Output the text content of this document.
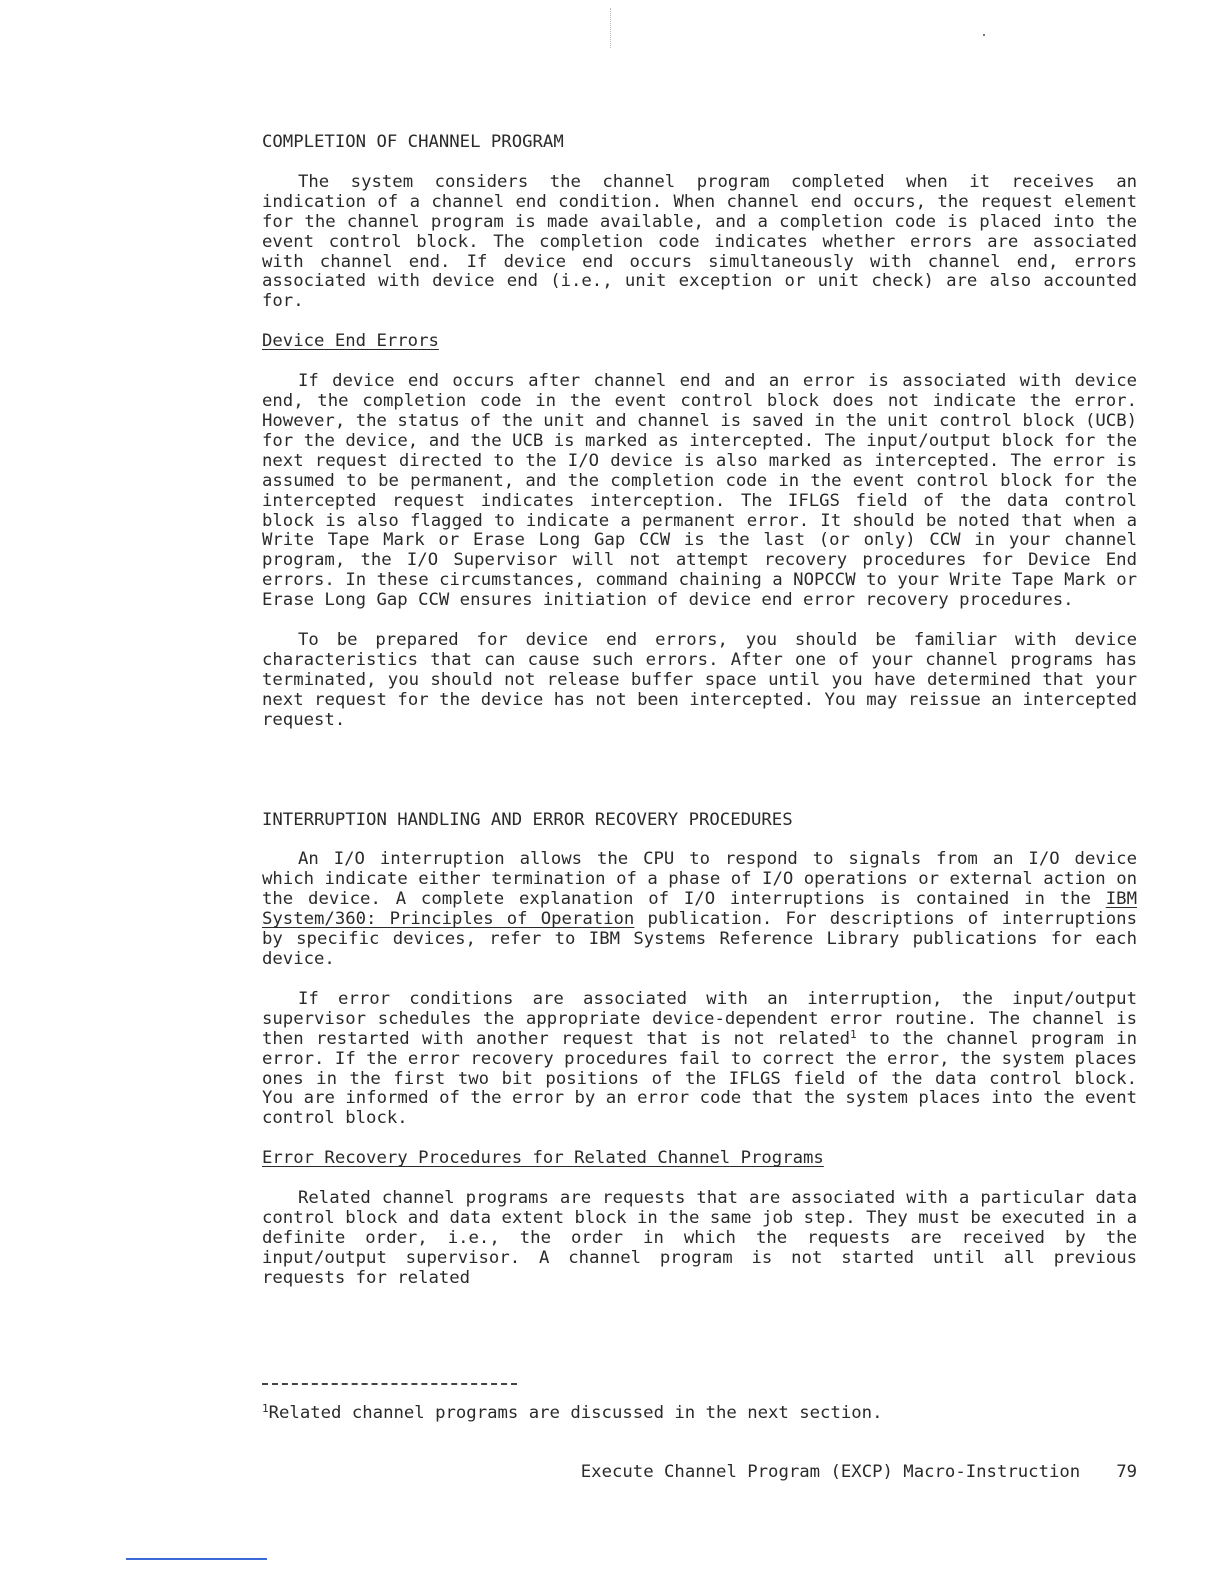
COMPLETION OF CHANNEL PROGRAM
The system considers the channel program completed when it receives an indication of a channel end condition. When channel end occurs, the request element for the channel program is made available, and a completion code is placed into the event control block. The completion code indicates whether errors are associated with channel end. If device end occurs simultaneously with channel end, errors associated with device end (i.e., unit exception or unit check) are also accounted for.
Device End Errors
If device end occurs after channel end and an error is associated with device end, the completion code in the event control block does not indicate the error. However, the status of the unit and channel is saved in the unit control block (UCB) for the device, and the UCB is marked as intercepted. The input/output block for the next request directed to the I/O device is also marked as intercepted. The error is assumed to be permanent, and the completion code in the event control block for the intercepted request indicates interception. The IFLGS field of the data control block is also flagged to indicate a permanent error. It should be noted that when a Write Tape Mark or Erase Long Gap CCW is the last (or only) CCW in your channel program, the I/O Supervisor will not attempt recovery procedures for Device End errors. In these circumstances, command chaining a NOPCCW to your Write Tape Mark or Erase Long Gap CCW ensures initiation of device end error recovery procedures.
To be prepared for device end errors, you should be familiar with device characteristics that can cause such errors. After one of your channel programs has terminated, you should not release buffer space until you have determined that your next request for the device has not been intercepted. You may reissue an intercepted request.
INTERRUPTION HANDLING AND ERROR RECOVERY PROCEDURES
An I/O interruption allows the CPU to respond to signals from an I/O device which indicate either termination of a phase of I/O operations or external action on the device. A complete explanation of I/O interruptions is contained in the IBM System/360: Principles of Operation publication. For descriptions of interruptions by specific devices, refer to IBM Systems Reference Library publications for each device.
If error conditions are associated with an interruption, the input/output supervisor schedules the appropriate device-dependent error routine. The channel is then restarted with another request that is not related$^1$ to the channel program in error. If the error recovery procedures fail to correct the error, the system places ones in the first two bit positions of the IFLGS field of the data control block. You are informed of the error by an error code that the system places into the event control block.
Error Recovery Procedures for Related Channel Programs
Related channel programs are requests that are associated with a particular data control block and data extent block in the same job step. They must be executed in a definite order, i.e., the order in which the requests are received by the input/output supervisor. A channel program is not started until all previous requests for related
$^1$Related channel programs are discussed in the next section.
Execute Channel Program (EXCP) Macro-Instruction 79
